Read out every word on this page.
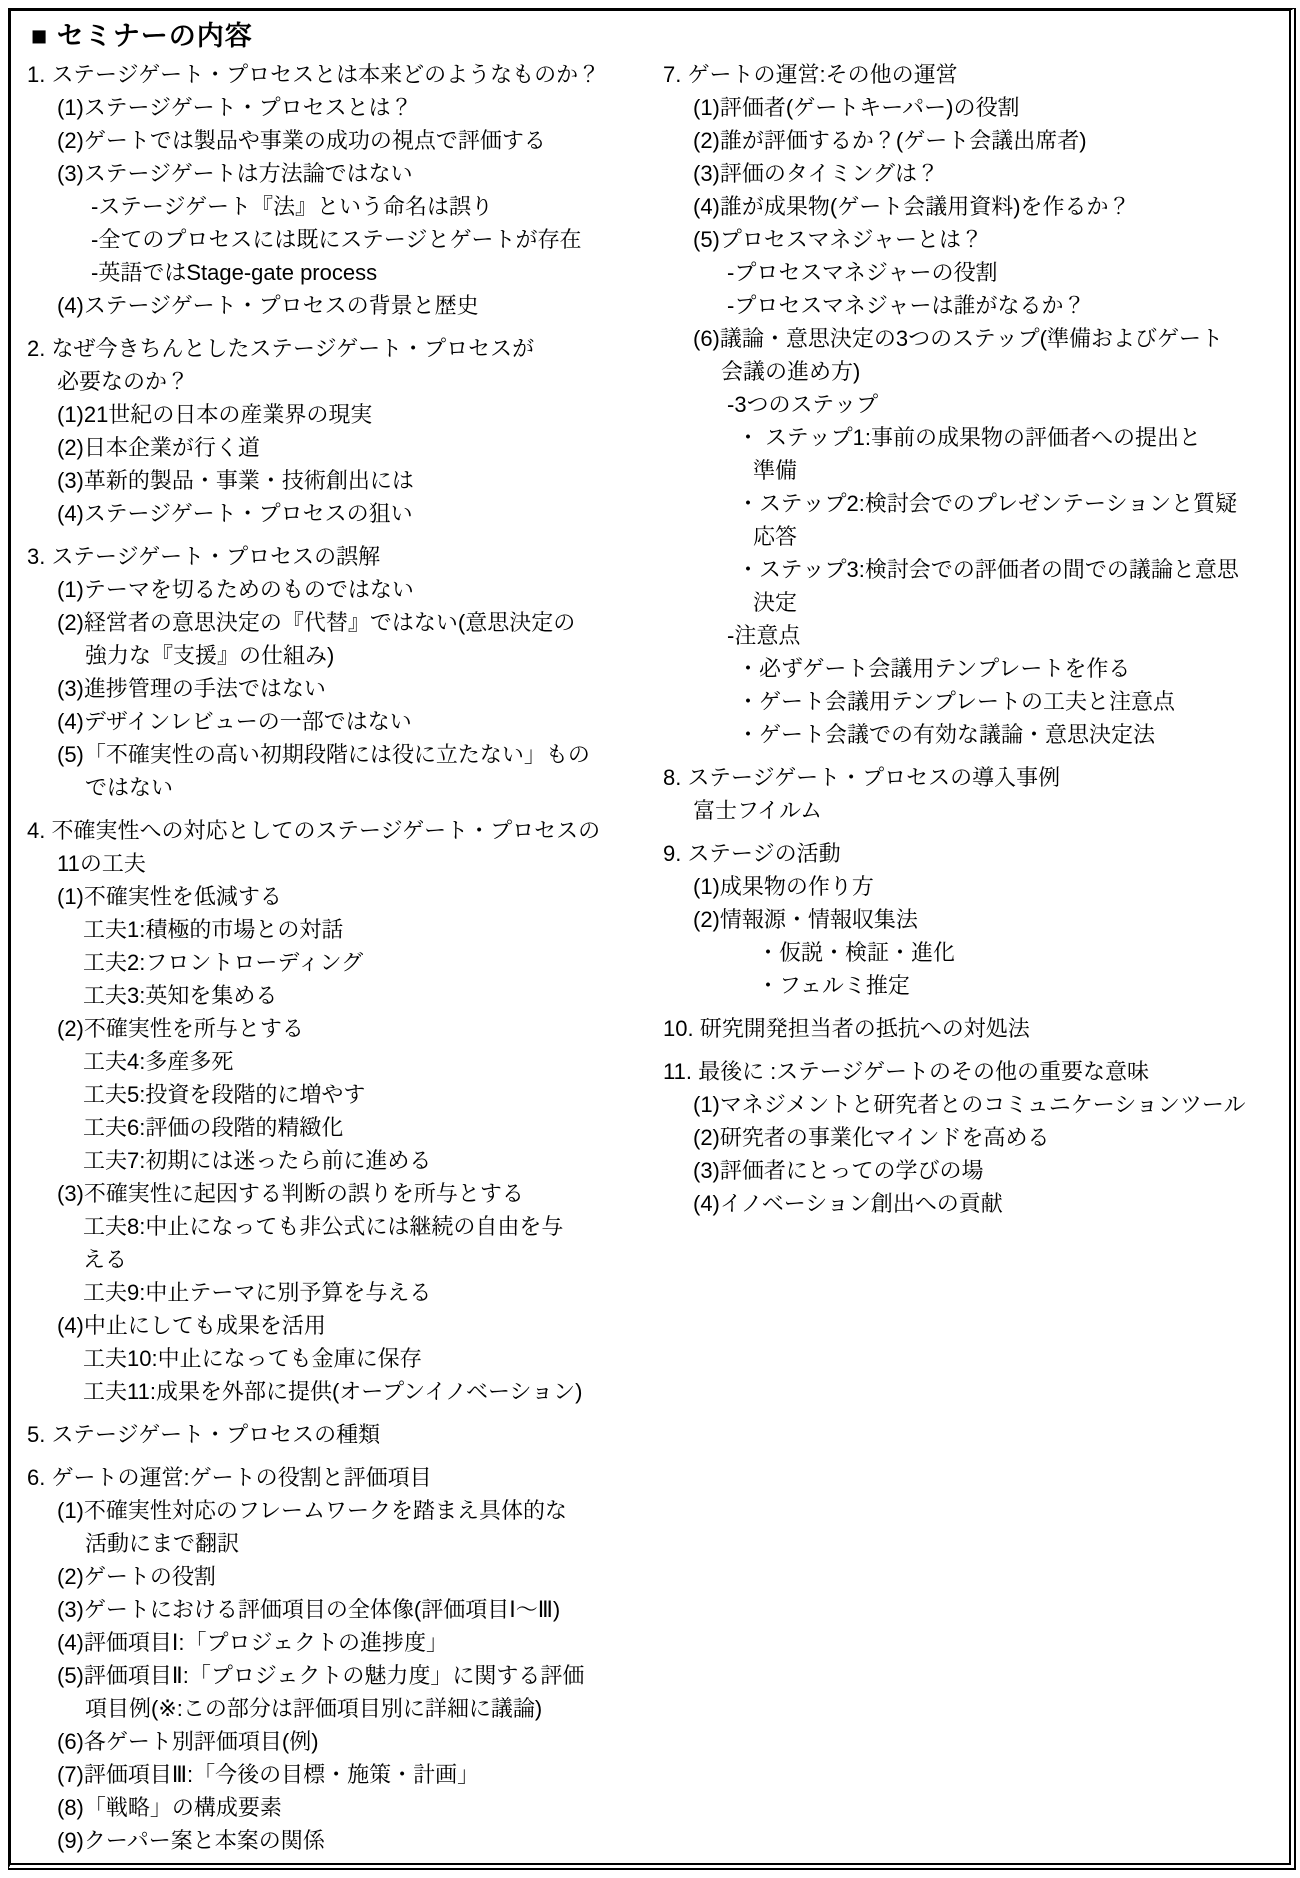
■ セミナーの内容
1. ステージゲート・プロセスとは本来どのようなものか？
(1)ステージゲート・プロセスとは？
(2)ゲートでは製品や事業の成功の視点で評価する
(3)ステージゲートは方法論ではない
-ステージゲート『法』という命名は誤り
-全てのプロセスには既にステージとゲートが存在
-英語ではStage-gate process
(4)ステージゲート・プロセスの背景と歴史
2. なぜ今きちんとしたステージゲート・プロセスが
必要なのか？
(1)21世紀の日本の産業界の現実
(2)日本企業が行く道
(3)革新的製品・事業・技術創出には
(4)ステージゲート・プロセスの狙い
3. ステージゲート・プロセスの誤解
(1)テーマを切るためのものではない
(2)経営者の意思決定の『代替』ではない(意思決定の
強力な『支援』の仕組み)
(3)進捗管理の手法ではない
(4)デザインレビューの一部ではない
(5)「不確実性の高い初期段階には役に立たない」もの
ではない
4. 不確実性への対応としてのステージゲート・プロセスの
11の工夫
(1)不確実性を低減する
工夫1:積極的市場との対話
工夫2:フロントローディング
工夫3:英知を集める
(2)不確実性を所与とする
工夫4:多産多死
工夫5:投資を段階的に増やす
工夫6:評価の段階的精緻化
工夫7:初期には迷ったら前に進める
(3)不確実性に起因する判断の誤りを所与とする
工夫8:中止になっても非公式には継続の自由を与
える
工夫9:中止テーマに別予算を与える
(4)中止にしても成果を活用
工夫10:中止になっても金庫に保存
工夫11:成果を外部に提供(オープンイノベーション)
5. ステージゲート・プロセスの種類
6. ゲートの運営:ゲートの役割と評価項目
(1)不確実性対応のフレームワークを踏まえ具体的な
活動にまで翻訳
(2)ゲートの役割
(3)ゲートにおける評価項目の全体像(評価項目Ⅰ～Ⅲ)
(4)評価項目Ⅰ:「プロジェクトの進捗度」
(5)評価項目Ⅱ:「プロジェクトの魅力度」に関する評価
項目例(※:この部分は評価項目別に詳細に議論)
(6)各ゲート別評価項目(例)
(7)評価項目Ⅲ:「今後の目標・施策・計画」
(8)「戦略」の構成要素
(9)クーパー案と本案の関係
7. ゲートの運営:その他の運営
(1)評価者(ゲートキーパー)の役割
(2)誰が評価するか？(ゲート会議出席者)
(3)評価のタイミングは？
(4)誰が成果物(ゲート会議用資料)を作るか？
(5)プロセスマネジャーとは？
-プロセスマネジャーの役割
-プロセスマネジャーは誰がなるか？
(6)議論・意思決定の3つのステップ(準備およびゲート
会議の進め方)
-3つのステップ
・ ステップ1:事前の成果物の評価者への提出と
準備
・ステップ2:検討会でのプレゼンテーションと質疑
応答
・ステップ3:検討会での評価者の間での議論と意思
決定
-注意点
・必ずゲート会議用テンプレートを作る
・ゲート会議用テンプレートの工夫と注意点
・ゲート会議での有効な議論・意思決定法
8. ステージゲート・プロセスの導入事例
富士フイルム
9. ステージの活動
(1)成果物の作り方
(2)情報源・情報収集法
・仮説・検証・進化
・フェルミ推定
10. 研究開発担当者の抵抗への対処法
11. 最後に :ステージゲートのその他の重要な意味
(1)マネジメントと研究者とのコミュニケーションツール
(2)研究者の事業化マインドを高める
(3)評価者にとっての学びの場
(4)イノベーション創出への貢献
